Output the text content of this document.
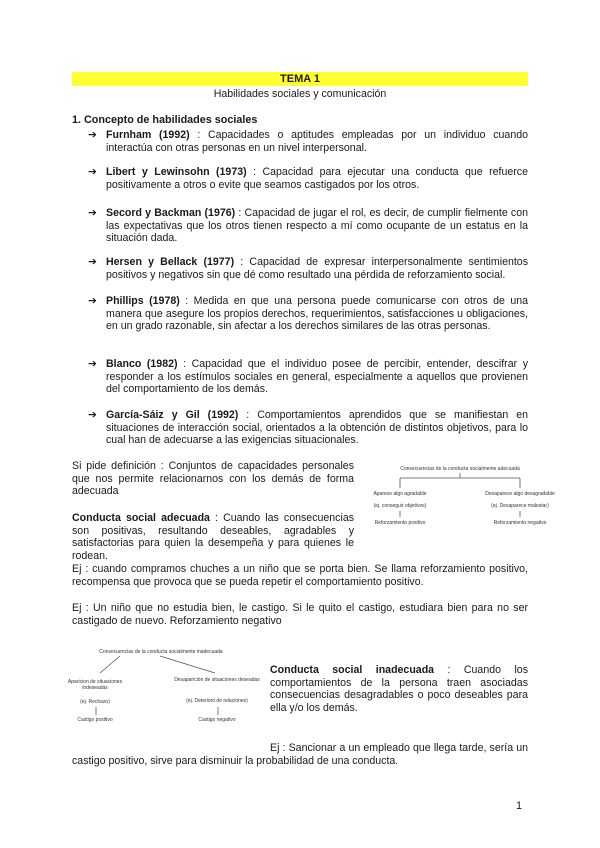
TEMA 1
Habilidades sociales y comunicación
1. Concepto de habilidades sociales
➔ Furnham (1992) : Capacidades o aptitudes empleadas por un individuo cuando interactúa con otras personas en un nivel interpersonal.
➔ Libert y Lewinsohn (1973) : Capacidad para ejecutar una conducta que refuerce positivamente a otros o evite que seamos castigados por los otros.
➔ Secord y Backman (1976) : Capacidad de jugar el rol, es decir, de cumplir fielmente con las expectativas que los otros tienen respecto a mí como ocupante de un estatus en la situación dada.
➔ Hersen y Bellack (1977) : Capacidad de expresar interpersonalmente sentimientos positivos y negativos sin que dé como resultado una pérdida de reforzamiento social.
➔ Phillips (1978) : Medida en que una persona puede comunicarse con otros de una manera que asegure los propios derechos, requerimientos, satisfacciones u obligaciones, en un grado razonable, sin afectar a los derechos similares de las otras personas.
➔ Blanco (1982) : Capacidad que el individuo posee de percibir, entender, descifrar y responder a los estímulos sociales en general, especialmente a aquellos que provienen del comportamiento de los demás.
➔ García-Sáiz y Gil (1992) : Comportamientos aprendidos que se manifiestan en situaciones de interacción social, orientados a la obtención de distintos objetivos, para lo cual han de adecuarse a las exigencias situacionales.
Si pide definición : Conjuntos de capacidades personales que nos permite relacionarnos con los demás de forma adecuada
Consecuencias de la conducta socialmente adecuada
Aparece algo agradable
(ej. conseguir objetivos)
Reforzamiento positivo
Desaparece algo desagradable
(ej. Desaparece malestar)
Reforzamiento negativo
Conducta social adecuada : Cuando las consecuencias son positivas, resultando deseables, agradables y satisfactorias para quien la desempeña y para quienes le rodean.
Ej : cuando compramos chuches a un niño que se porta bien. Se llama reforzamiento positivo, recompensa que provoca que se pueda repetir el comportamiento positivo.
Ej : Un niño que no estudia bien, le castigo. Si le quito el castigo, estudiara bien para no ser castigado de nuevo. Reforzamiento negativo
Consecuencias de la conducta socialmente inadecuada
Aparicion de situaciones indeseadas
(ej. Rechazo)
Castigo positivo
Desaparición de situaciones deseadas
(ej. Deterioro de relaciones)
Castigo negativo
Conducta social inadecuada : Cuando los comportamientos de la persona traen asociadas consecuencias desagradables o poco deseables para ella y/o los demás.
Ej : Sancionar a un empleado que llega tarde, sería un castigo positivo, sirve para disminuir la probabilidad de una conducta.
1
